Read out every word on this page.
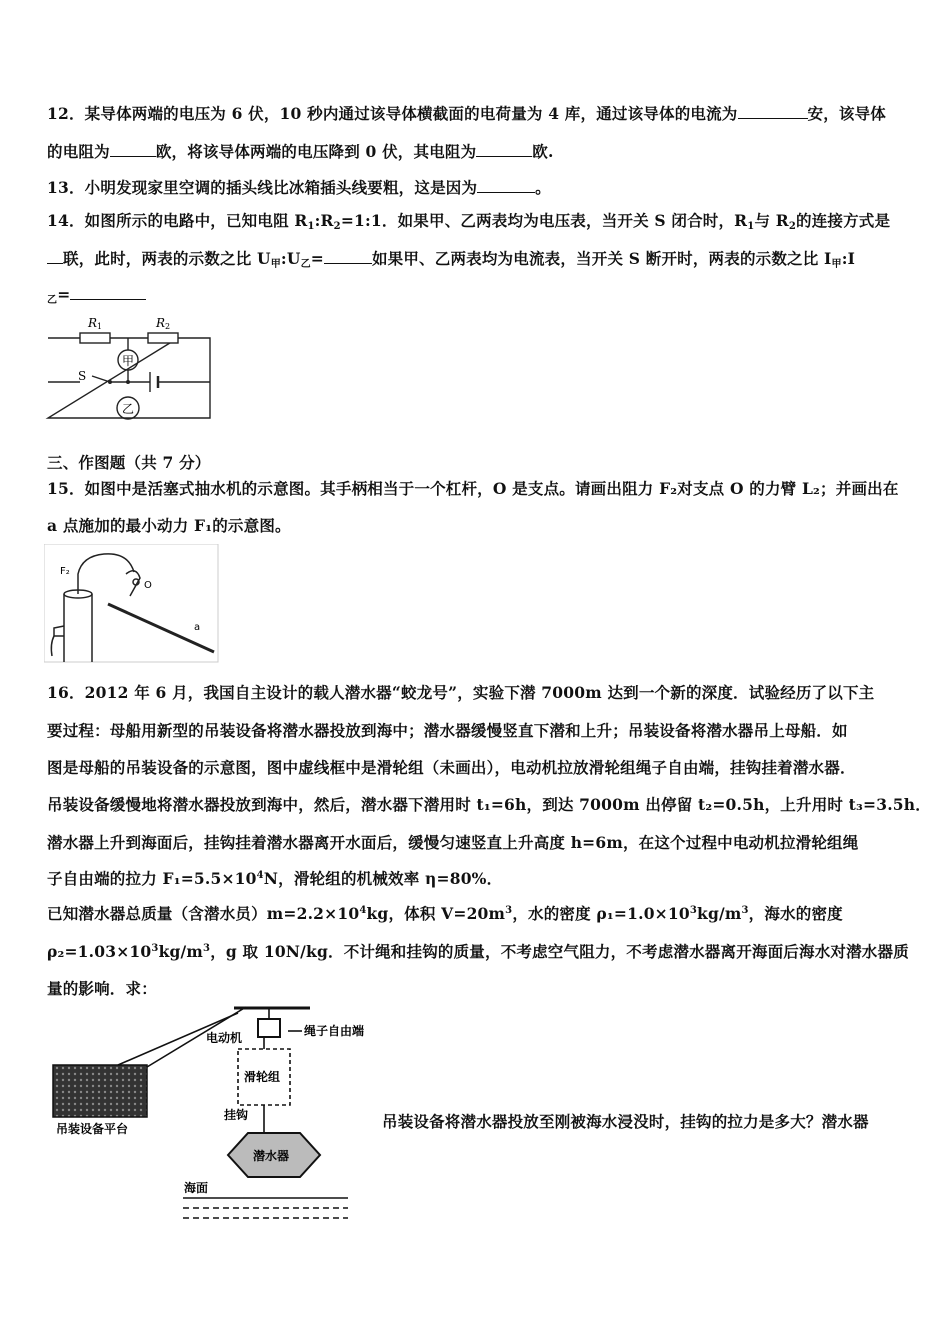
12．某导体两端的电压为 6 伏，10 秒内通过该导体横截面的电荷量为 4 库，通过该导体的电流为	安，该导体
的电阻为	欧，将该导体两端的电压降到 0 伏，其电阻为	欧.
13．小明发现家里空调的插头线比冰箱插头线要粗，这是因为	。
14．如图所示的电路中，已知电阻 $R_1:R_2=1:1$．如果甲、乙两表均为电压表，当开关 S 闭合时，$R_1$与 $R_2$的连接方式是
联，此时，两表的示数之比 $U_甲:U_乙=$	如果甲、乙两表均为电流表，当开关 S 断开时，两表的示数之比 $I_甲:I$
$_乙$=
R 1	R 2
甲
乙
S
三、作图题（共 7 分）
15．如图中是活塞式抽水机的示意图。其手柄相当于一个杠杆，O 是支点。请画出阻力 F₂对支点 O 的力臂 L₂；并画出在
a 点施加的最小动力 F₁的示意图。
F₂
O
a
16．2012 年 6 月，我国自主设计的载人潜水器“蛟龙号”，实验下潜 7000m 达到一个新的深度．试验经历了以下主
要过程：母船用新型的吊装设备将潜水器投放到海中；潜水器缓慢竖直下潜和上升；吊装设备将潜水器吊上母船．如
图是母船的吊装设备的示意图，图中虚线框中是滑轮组（未画出），电动机拉放滑轮组绳子自由端，挂钩挂着潜水器．
吊装设备缓慢地将潜水器投放到海中，然后，潜水器下潜用时 t₁=6h，到达 7000m 出停留 t₂=0.5h，上升用时 t₃=3.5h．
潜水器上升到海面后，挂钩挂着潜水器离开水面后，缓慢匀速竖直上升高度 h=6m，在这个过程中电动机拉滑轮组绳
子自由端的拉力 $F_1=5.5\times 10^4N$，滑轮组的机械效率 η=80%．
已知潜水器总质量（含潜水员）$m=2.2\times 10^4kg$，体积 $V=20m^3$，水的密度 $\rho_1=1.0\times 10^3kg/m^3$，海水的密度
$\rho_2=1.03\times 10^3kg/m^3$，g 取 10N/kg．不计绳和挂钩的质量，不考虑空气阻力，不考虑潜水器离开海面后海水对潜水器质
量的影响．求：
电动机	绳子自由端
滑轮组
挂钩
吊装设备平台
潜水器
海面
吊装设备将潜水器投放至刚被海水浸没时，挂钩的拉力是多大？潜水器
